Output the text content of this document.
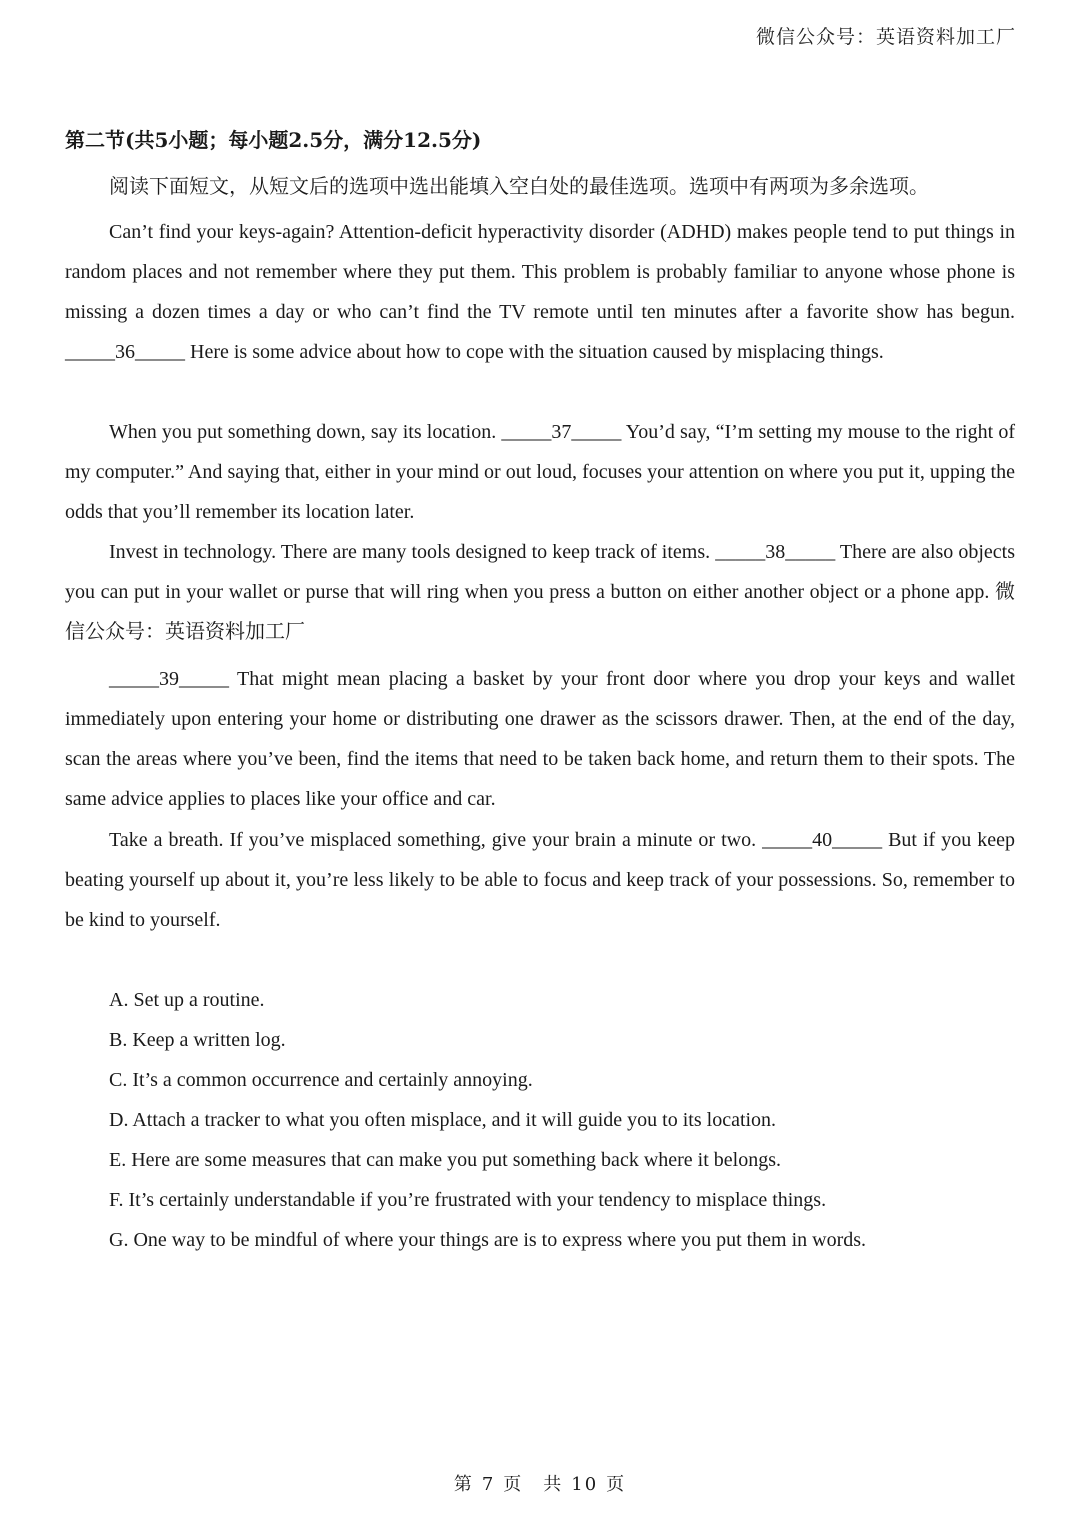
微信公众号：英语资料加工厂
第二节(共5小题；每小题2.5分，满分12.5分)
阅读下面短文，从短文后的选项中选出能填入空白处的最佳选项。选项中有两项为多余选项。

Can’t find your keys-again? Attention-deficit hyperactivity disorder (ADHD) makes people tend to put things in random places and not remember where they put them. This problem is probably familiar to anyone whose phone is missing a dozen times a day or who can’t find the TV remote until ten minutes after a favorite show has begun. _____36_____ Here is some advice about how to cope with the situation caused by misplacing things.

When you put something down, say its location. _____37_____ You’d say, “I’m setting my mouse to the right of my computer.” And saying that, either in your mind or out loud, focuses your attention on where you put it, upping the odds that you’ll remember its location later.

Invest in technology. There are many tools designed to keep track of items. _____38_____ There are also objects you can put in your wallet or purse that will ring when you press a button on either another object or a phone app. 微信公众号：英语资料加工厂

_____39_____ That might mean placing a basket by your front door where you drop your keys and wallet immediately upon entering your home or distributing one drawer as the scissors drawer. Then, at the end of the day, scan the areas where you’ve been, find the items that need to be taken back home, and return them to their spots. The same advice applies to places like your office and car.

Take a breath. If you’ve misplaced something, give your brain a minute or two. _____40_____ But if you keep beating yourself up about it, you’re less likely to be able to focus and keep track of your possessions. So, remember to be kind to yourself.

A. Set up a routine.
B. Keep a written log.
C. It’s a common occurrence and certainly annoying.
D. Attach a tracker to what you often misplace, and it will guide you to its location.
E. Here are some measures that can make you put something back where it belongs.
F. It’s certainly understandable if you’re frustrated with your tendency to misplace things.
G. One way to be mindful of where your things are is to express where you put them in words.
第 7 页　共 10 页
